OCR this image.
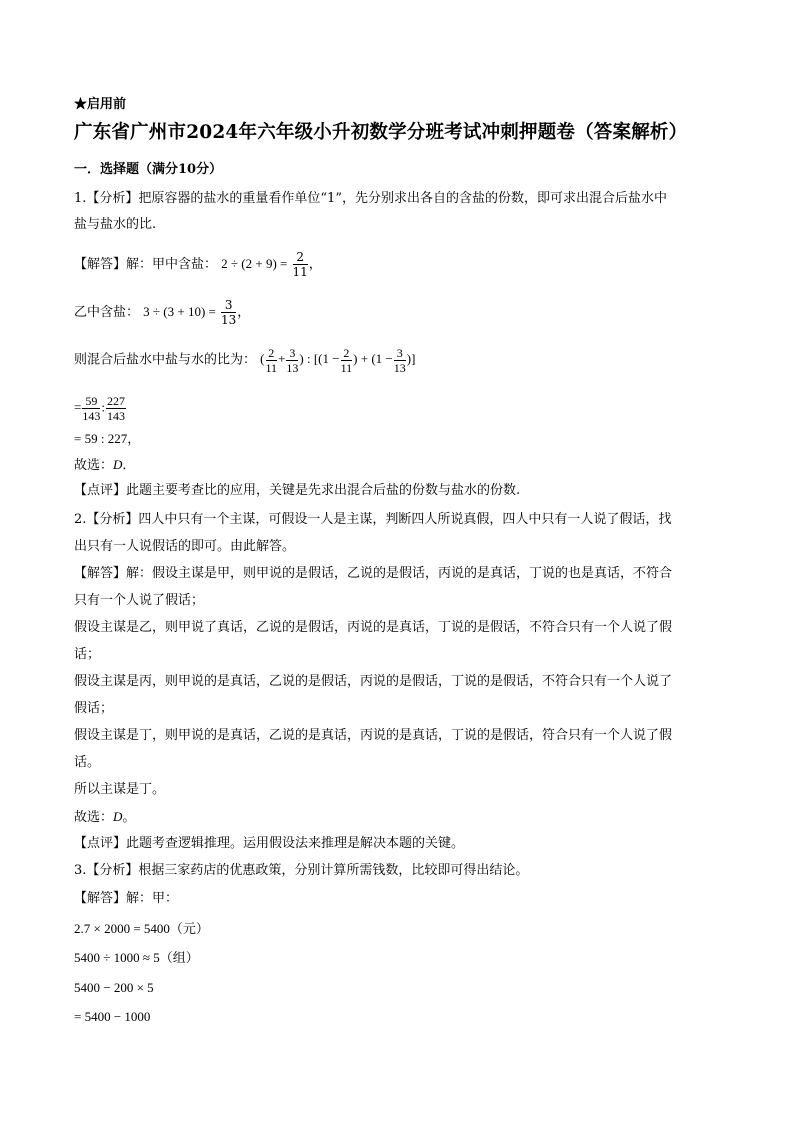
★启用前
广东省广州市2024年六年级小升初数学分班考试冲刺押题卷（答案解析）
一．选择题（满分10分）
1.【分析】把原容器的盐水的重量看作单位“1”，先分别求出各自的含盐的份数，即可求出混合后盐水中
盐与盐水的比.
【解答】解：甲中含盐： $2 \div (2 + 9) = \frac{2}{11}$ ，
乙中含盐： $3 \div (3 + 10) = \frac{3}{13}$ ，
则混合后盐水中盐与水的比为： ( $\frac{2}{11} + \frac{3}{13}$ ) : [($1 - \frac{2}{11}$ ) + ($1 - \frac{3}{13}$ )]
= $\frac{59}{143}$ : $\frac{227}{143}$
= 59 : 227，
故选：D．
【点评】此题主要考查比的应用，关键是先求出混合后盐的份数与盐水的份数.
2.【分析】四人中只有一个主谋，可假设一人是主谋，判断四人所说真假，四人中只有一人说了假话，找
出只有一人说假话的即可。由此解答。
【解答】解：假设主谋是甲，则甲说的是假话，乙说的是假话，丙说的是真话，丁说的也是真话，不符合
只有一个人说了假话；
假设主谋是乙，则甲说了真话，乙说的是假话，丙说的是真话，丁说的是假话，不符合只有一个人说了假
话；
假设主谋是丙，则甲说的是真话，乙说的是假话，丙说的是假话，丁说的是假话，不符合只有一个人说了
假话；
假设主谋是丁，则甲说的是真话，乙说的是真话，丙说的是真话，丁说的是假话，符合只有一个人说了假
话。
所以主谋是丁。
故选：D。
【点评】此题考查逻辑推理。运用假设法来推理是解决本题的关键。
3.【分析】根据三家药店的优惠政策，分别计算所需钱数，比较即可得出结论。
【解答】解：甲：
2.7 × 2000 = 5400（元）
5400 ÷ 1000 ≈ 5（组）
5400 − 200 × 5
= 5400 − 1000
